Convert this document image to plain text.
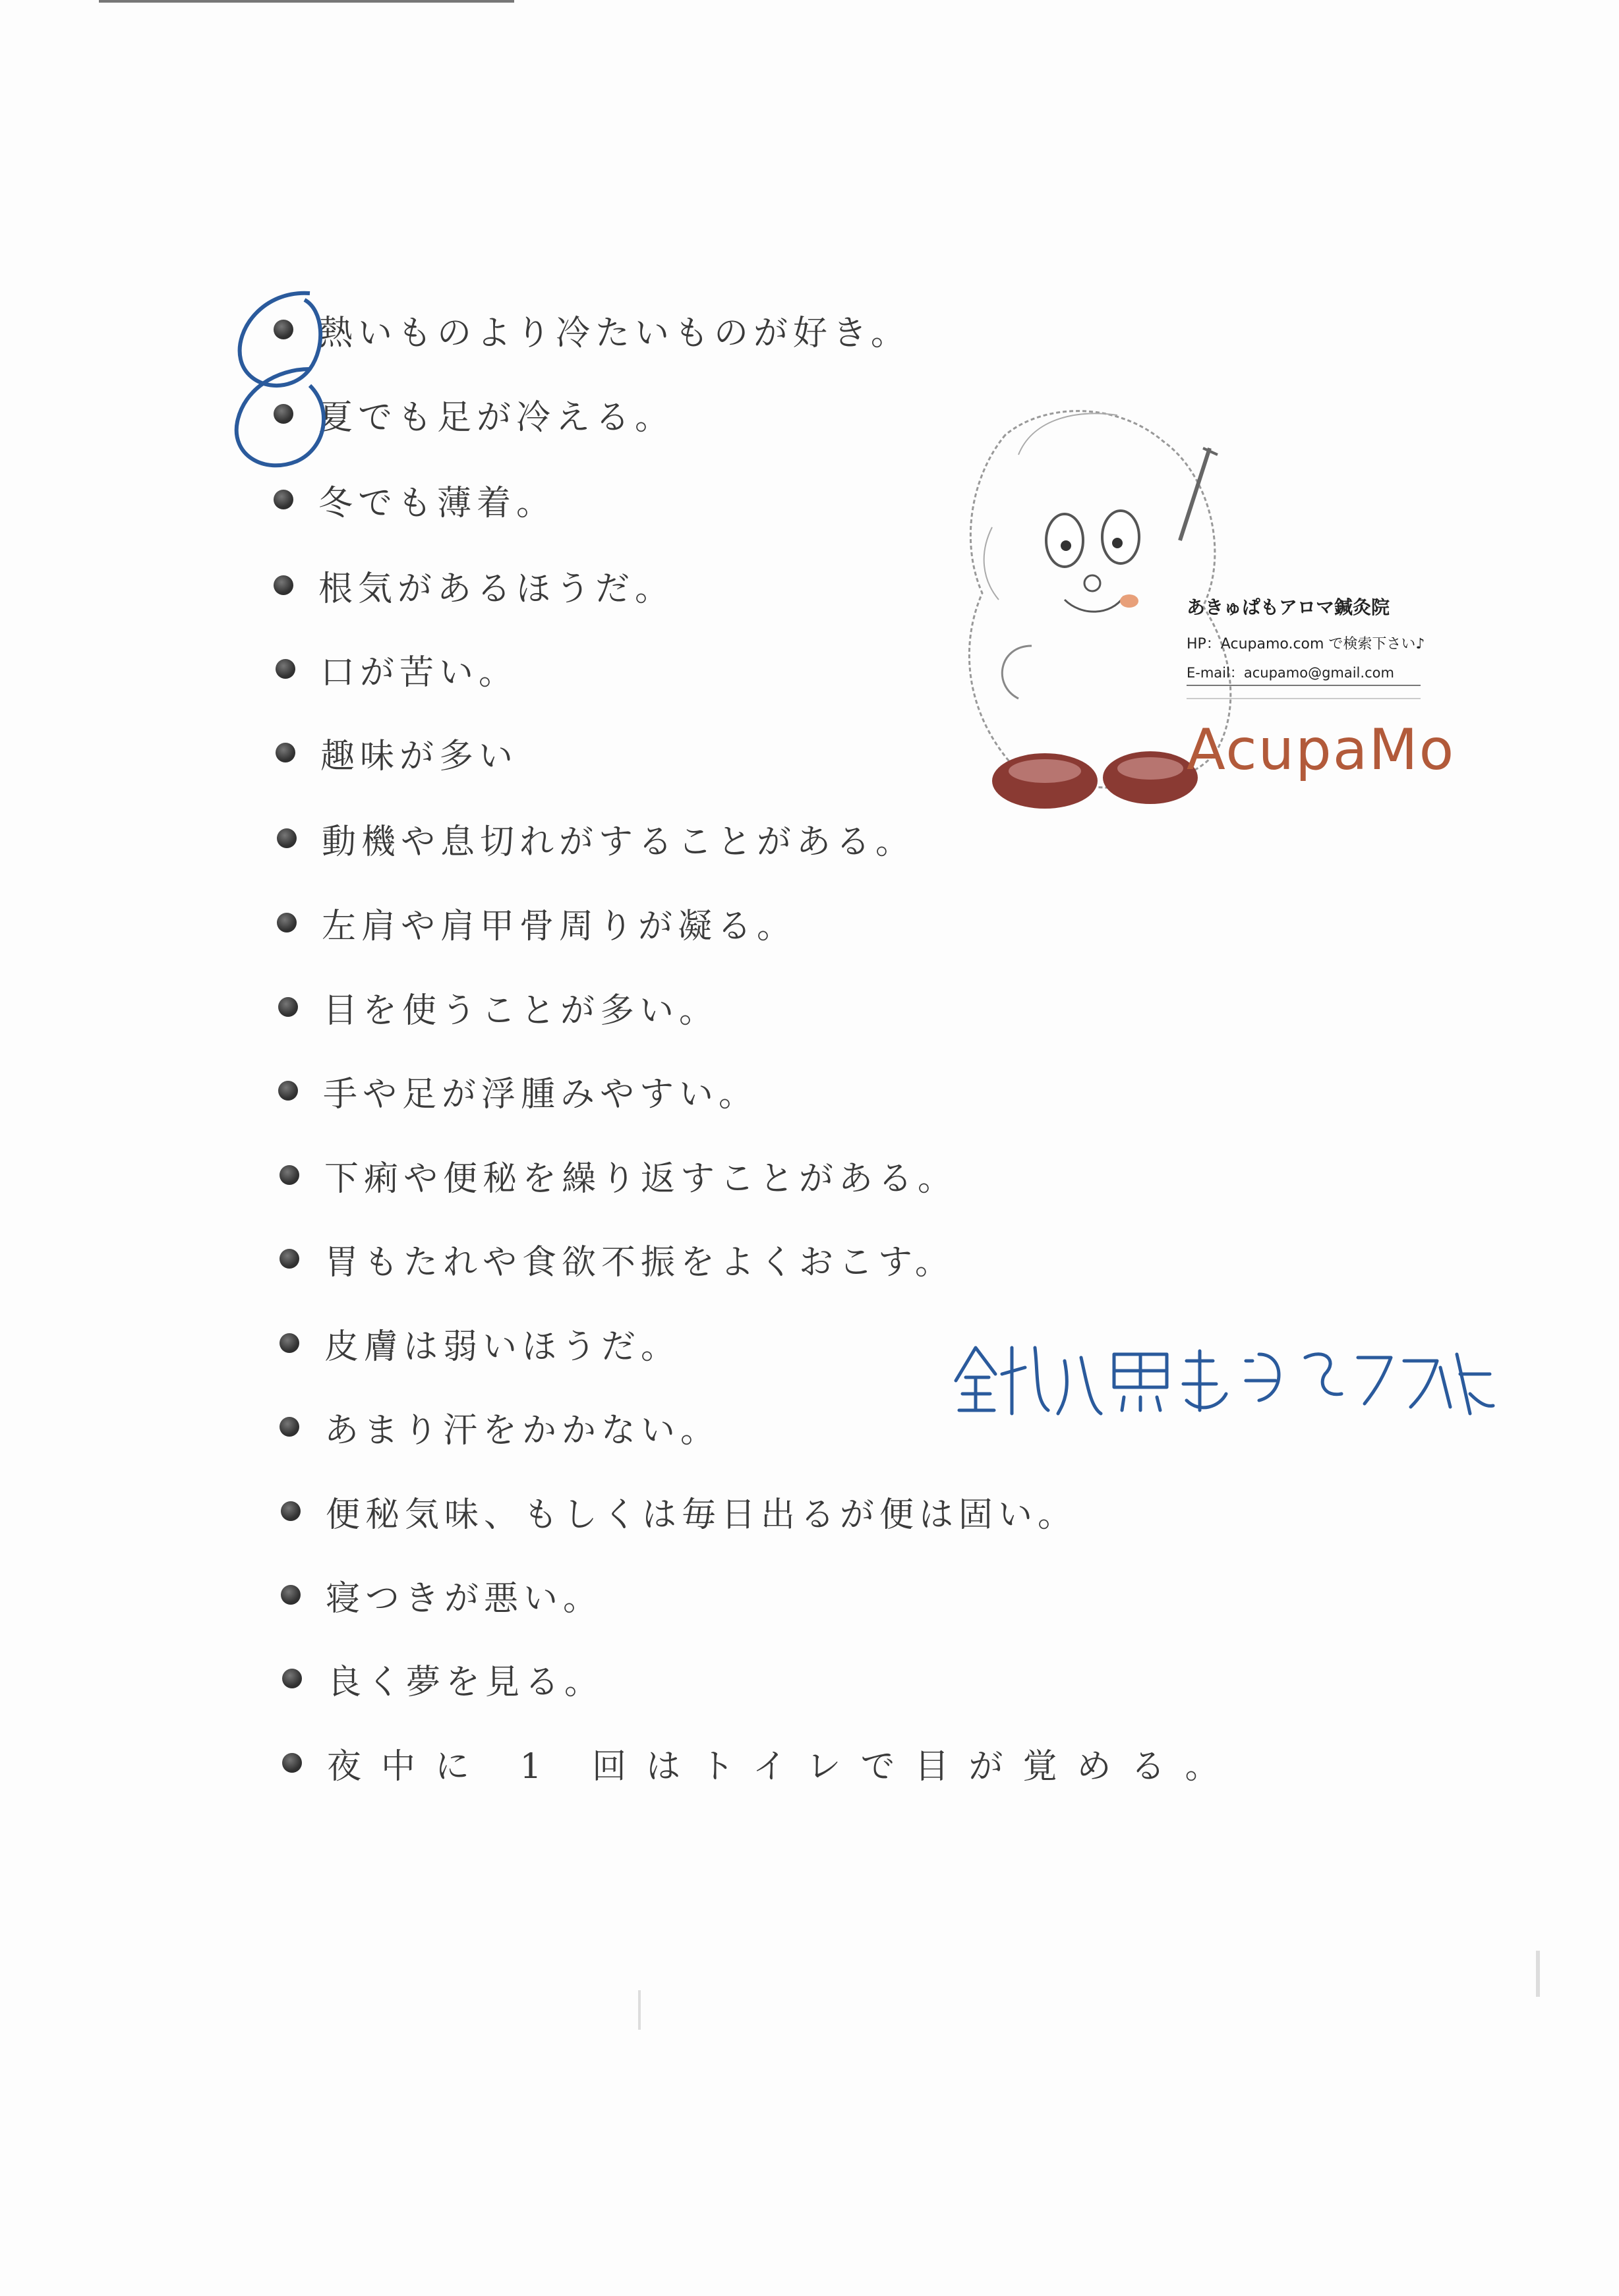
熱いものより冷たいものが好き。
夏でも足が冷える。
冬でも薄着。
根気があるほうだ。
口が苦い。
趣味が多い
動機や息切れがすることがある。
左肩や肩甲骨周りが凝る。
目を使うことが多い。
手や足が浮腫みやすい。
下痢や便秘を繰り返すことがある。
胃もたれや食欲不振をよくおこす。
皮膚は弱いほうだ。
あまり汗をかかない。
便秘気味、もしくは毎日出るが便は固い。
寝つきが悪い。
良く夢を見る。
夜中に 1 回はトイレで目が覚める。
あきゅぱもアロマ鍼灸院
HP：Acupamo.com で検索下さい♪
E-mail：acupamo@gmail.com
AcupaMo
